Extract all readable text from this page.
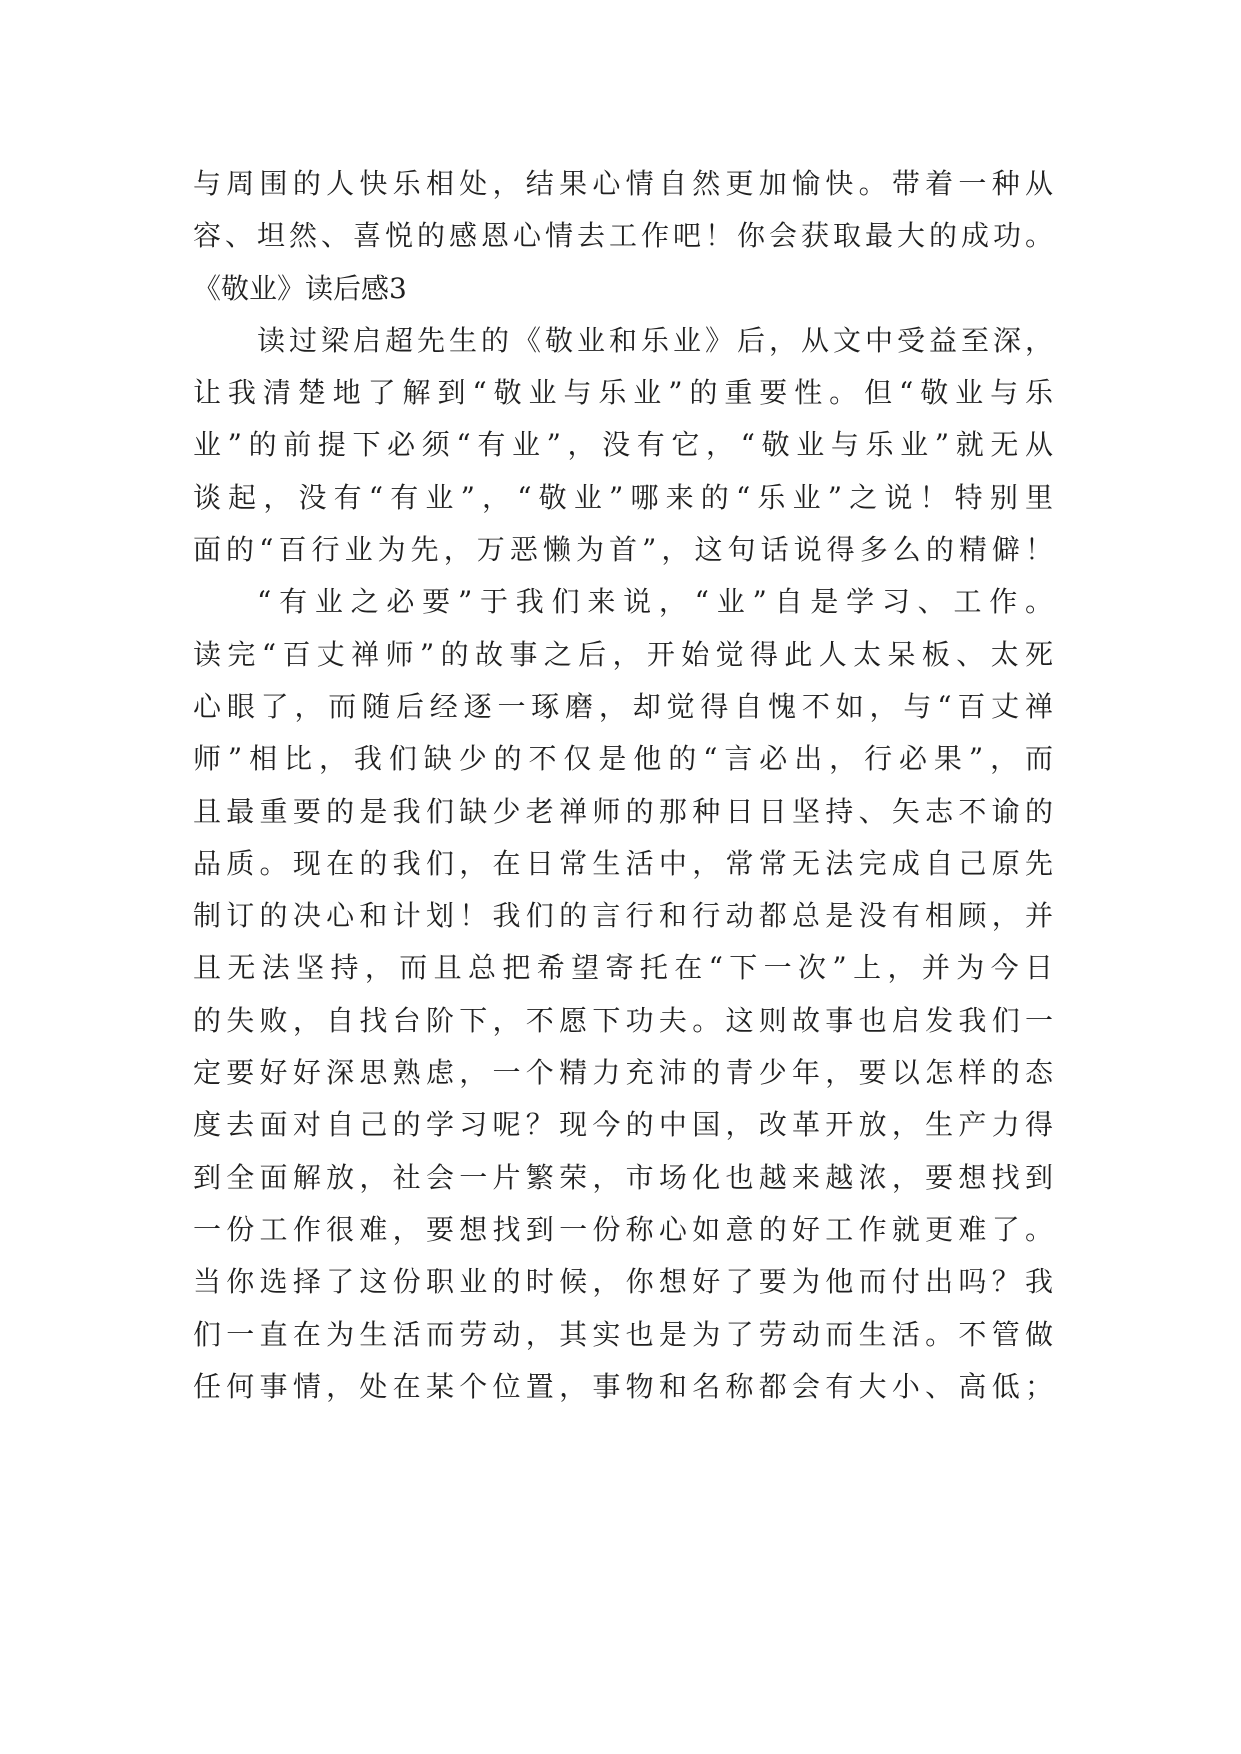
与周围的人快乐相处，结果心情自然更加愉快。带着一种从
容、坦然、喜悦的感恩心情去工作吧！你会获取最大的成功。
《敬业》读后感3
读过梁启超先生的《敬业和乐业》后，从文中受益至深，
让我清楚地了解到“敬业与乐业”的重要性。但“敬业与乐
业”的前提下必须“有业”，没有它，“敬业与乐业”就无从
谈起，没有“有业”，“敬业”哪来的“乐业”之说！特别里
面的“百行业为先，万恶懒为首”，这句话说得多么的精僻！
“有业之必要”于我们来说，“业”自是学习、工作。
读完“百丈禅师”的故事之后，开始觉得此人太呆板、太死
心眼了，而随后经逐一琢磨，却觉得自愧不如，与“百丈禅
师”相比，我们缺少的不仅是他的“言必出，行必果”，而
且最重要的是我们缺少老禅师的那种日日坚持、矢志不谕的
品质。现在的我们，在日常生活中，常常无法完成自己原先
制订的决心和计划！我们的言行和行动都总是没有相顾，并
且无法坚持，而且总把希望寄托在“下一次”上，并为今日
的失败，自找台阶下，不愿下功夫。这则故事也启发我们一
定要好好深思熟虑，一个精力充沛的青少年，要以怎样的态
度去面对自己的学习呢？现今的中国，改革开放，生产力得
到全面解放，社会一片繁荣，市场化也越来越浓，要想找到
一份工作很难，要想找到一份称心如意的好工作就更难了。
当你选择了这份职业的时候，你想好了要为他而付出吗？我
们一直在为生活而劳动，其实也是为了劳动而生活。不管做
任何事情，处在某个位置，事物和名称都会有大小、高低；
